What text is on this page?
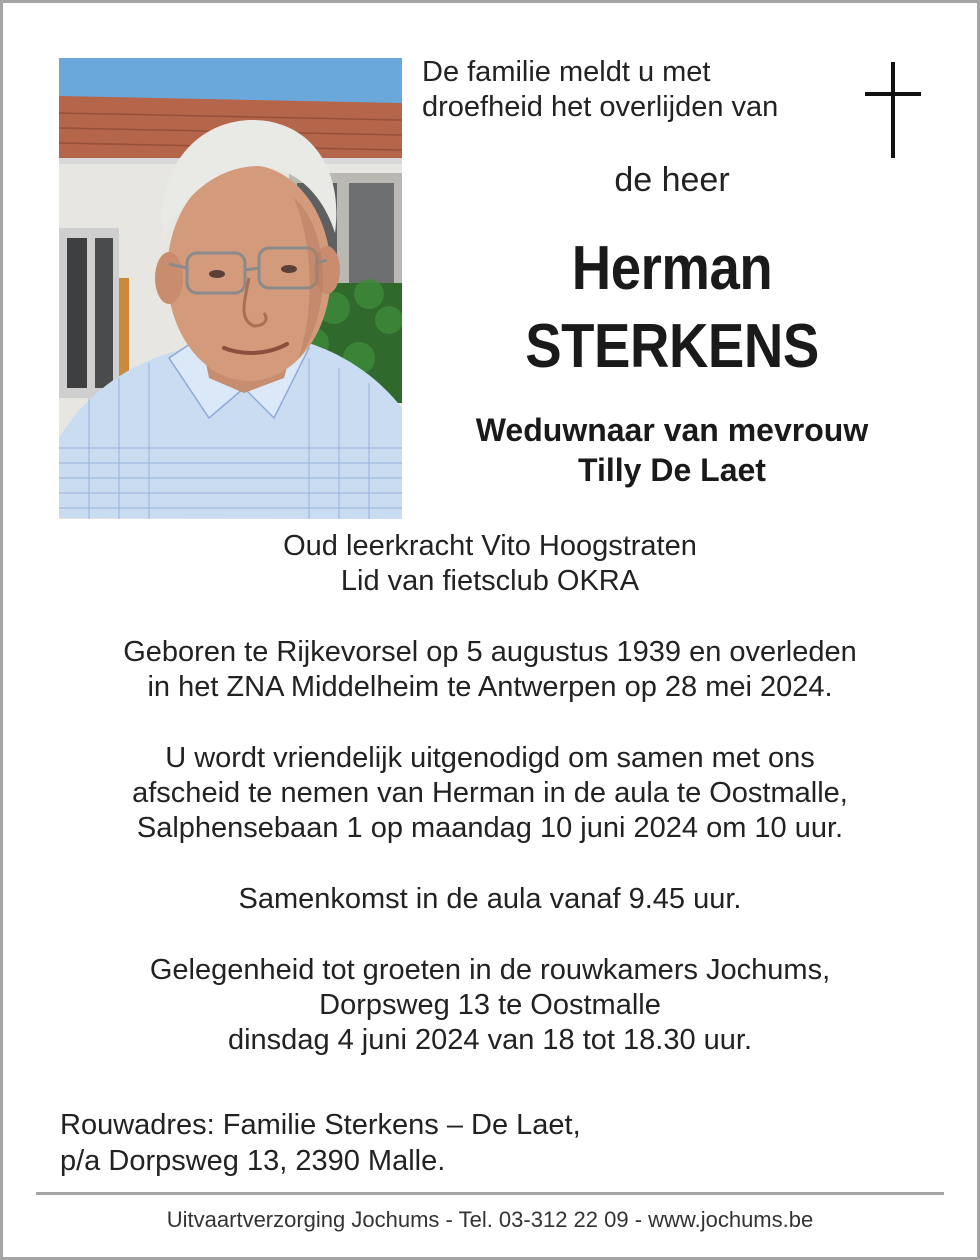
De familie meldt u met
droefheid het overlijden van
de heer
Herman
STERKENS
Weduwnaar van mevrouw
Tilly De Laet
Oud leerkracht Vito Hoogstraten
Lid van fietsclub OKRA
Geboren te Rijkevorsel op 5 augustus 1939 en overleden
in het ZNA Middelheim te Antwerpen op 28 mei 2024.
U wordt vriendelijk uitgenodigd om samen met ons
afscheid te nemen van Herman in de aula te Oostmalle,
Salphensebaan 1 op maandag 10 juni 2024 om 10 uur.
Samenkomst in de aula vanaf 9.45 uur.
Gelegenheid tot groeten in de rouwkamers Jochums,
Dorpsweg 13 te Oostmalle
dinsdag 4 juni 2024 van 18 tot 18.30 uur.
Rouwadres: Familie Sterkens – De Laet,
p/a Dorpsweg 13, 2390 Malle.
Uitvaartverzorging Jochums - Tel. 03-312 22 09 - www.jochums.be
